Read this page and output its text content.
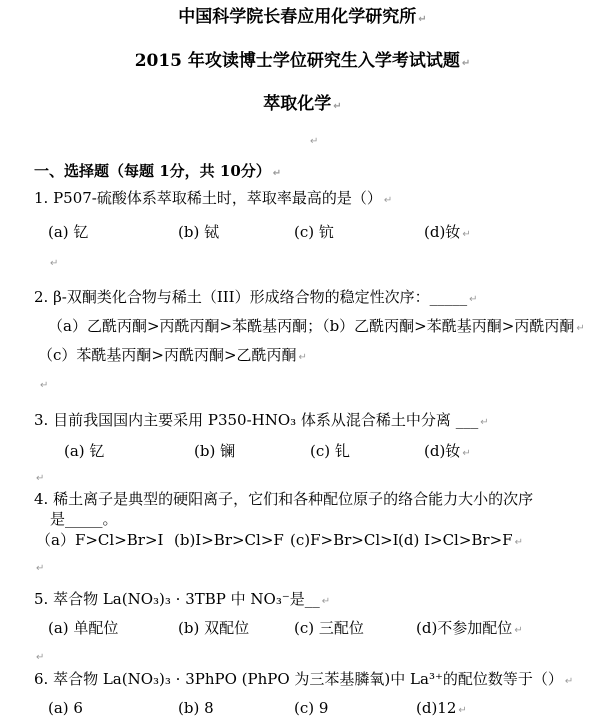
中国科学院长春应用化学研究所 ↵
2015 年攻读博士学位研究生入学考试试题 ↵
萃取化学 ↵
↵
一、选择题（每题 1分，共 10分） ↵
1. P507-硫酸体系萃取稀土时，萃取率最高的是（） ↵
(a) 钇	(b) 铽	(c) 钪	(d)钕 ↵
↵
2. β-双酮类化合物与稀土（III）形成络合物的稳定性次序：_____ ↵
（a）乙酰丙酮>丙酰丙酮>苯酰基丙酮；（b）乙酰丙酮>苯酰基丙酮>丙酰丙酮 ↵
（c）苯酰基丙酮>丙酰丙酮>乙酰丙酮 ↵
↵
3. 目前我国国内主要采用 P350-HNO₃ 体系从混合稀土中分离 ___ ↵
(a) 钇	(b) 镧	(c) 钆	(d)钕 ↵
↵
4. 稀土离子是典型的硬阳离子，它们和各种配位原子的络合能力大小的次序
是_____。
（a）F>Cl>Br>I (b)I>Br>Cl>F (c)F>Br>Cl>I (d) I>Cl>Br>F ↵
↵
5. 萃合物 La(NO₃)₃ · 3TBP 中 NO₃⁻是__ ↵
(a) 单配位	(b) 双配位	(c) 三配位	(d)不参加配位 ↵
↵
6. 萃合物 La(NO₃)₃ · 3PhPO (PhPO 为三苯基膦氧)中 La³⁺的配位数等于（） ↵
(a) 6	(b) 8	(c) 9	(d)12 ↵
